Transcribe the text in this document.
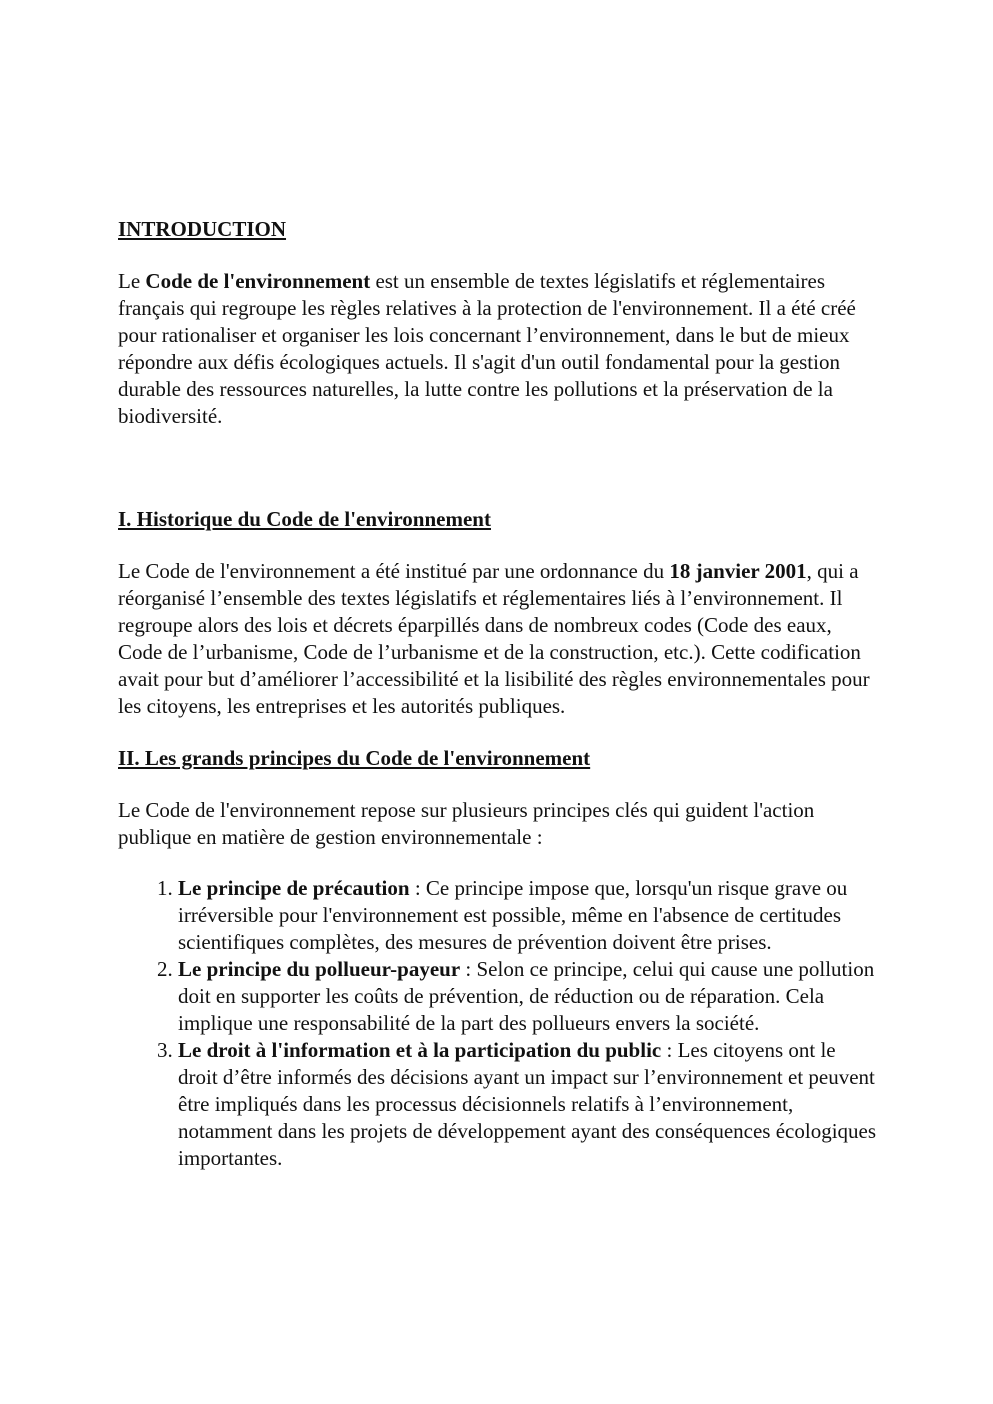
INTRODUCTION

Le Code de l'environnement est un ensemble de textes législatifs et réglementaires français qui regroupe les règles relatives à la protection de l'environnement. Il a été créé pour rationaliser et organiser les lois concernant l’environnement, dans le but de mieux répondre aux défis écologiques actuels. Il s'agit d'un outil fondamental pour la gestion durable des ressources naturelles, la lutte contre les pollutions et la préservation de la biodiversité.

I. Historique du Code de l'environnement

Le Code de l'environnement a été institué par une ordonnance du 18 janvier 2001, qui a réorganisé l’ensemble des textes législatifs et réglementaires liés à l’environnement. Il regroupe alors des lois et décrets éparpillés dans de nombreux codes (Code des eaux, Code de l’urbanisme, Code de l’urbanisme et de la construction, etc.). Cette codification avait pour but d’améliorer l’accessibilité et la lisibilité des règles environnementales pour les citoyens, les entreprises et les autorités publiques.

II. Les grands principes du Code de l'environnement

Le Code de l'environnement repose sur plusieurs principes clés qui guident l'action publique en matière de gestion environnementale :

1. Le principe de précaution : Ce principe impose que, lorsqu'un risque grave ou irréversible pour l'environnement est possible, même en l'absence de certitudes scientifiques complètes, des mesures de prévention doivent être prises.
2. Le principe du pollueur-payeur : Selon ce principe, celui qui cause une pollution doit en supporter les coûts de prévention, de réduction ou de réparation. Cela implique une responsabilité de la part des pollueurs envers la société.
3. Le droit à l'information et à la participation du public : Les citoyens ont le droit d’être informés des décisions ayant un impact sur l’environnement et peuvent être impliqués dans les processus décisionnels relatifs à l’environnement, notamment dans les projets de développement ayant des conséquences écologiques importantes.
